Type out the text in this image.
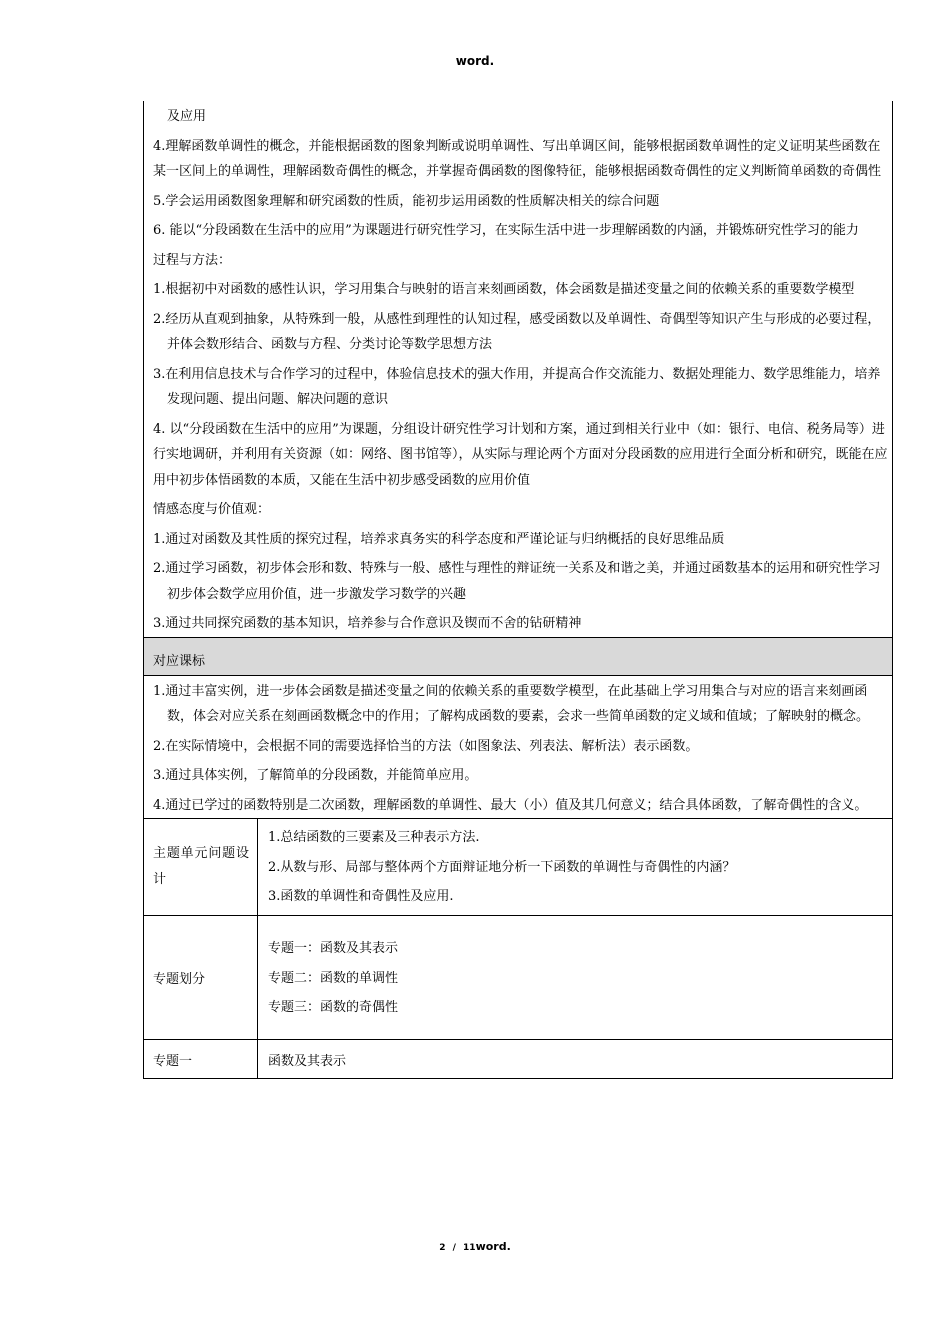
word.
及应用
4.理解函数单调性的概念，并能根据函数的图象判断或说明单调性、写出单调区间，能够根据函数单调性的定义证明某些函数在某一区间上的单调性，理解函数奇偶性的概念，并掌握奇偶函数的图像特征，能够根据函数奇偶性的定义判断简单函数的奇偶性
5.学会运用函数图象理解和研究函数的性质，能初步运用函数的性质解决相关的综合问题
6. 能以“分段函数在生活中的应用”为课题进行研究性学习，在实际生活中进一步理解函数的内涵，并锻炼研究性学习的能力
过程与方法：
1.根据初中对函数的感性认识，学习用集合与映射的语言来刻画函数，体会函数是描述变量之间的依赖关系的重要数学模型
2.经历从直观到抽象，从特殊到一般，从感性到理性的认知过程，感受函数以及单调性、奇偶型等知识产生与形成的必要过程，并体会数形结合、函数与方程、分类讨论等数学思想方法
3.在利用信息技术与合作学习的过程中，体验信息技术的强大作用，并提高合作交流能力、数据处理能力、数学思维能力，培养发现问题、提出问题、解决问题的意识
4. 以“分段函数在生活中的应用”为课题，分组设计研究性学习计划和方案，通过到相关行业中（如：银行、电信、税务局等）进行实地调研，并利用有关资源（如：网络、图书馆等），从实际与理论两个方面对分段函数的应用进行全面分析和研究，既能在应用中初步体悟函数的本质，又能在生活中初步感受函数的应用价值
情感态度与价值观：
1.通过对函数及其性质的探究过程，培养求真务实的科学态度和严谨论证与归纳概括的良好思维品质
2.通过学习函数，初步体会形和数、特殊与一般、感性与理性的辩证统一关系及和谐之美，并通过函数基本的运用和研究性学习初步体会数学应用价值，进一步激发学习数学的兴趣
3.通过共同探究函数的基本知识，培养参与合作意识及锲而不舍的钻研精神
对应课标
1.通过丰富实例，进一步体会函数是描述变量之间的依赖关系的重要数学模型，在此基础上学习用集合与对应的语言来刻画函数，体会对应关系在刻画函数概念中的作用；了解构成函数的要素，会求一些简单函数的定义域和值域；了解映射的概念。
2.在实际情境中，会根据不同的需要选择恰当的方法（如图象法、列表法、解析法）表示函数。
3.通过具体实例，了解简单的分段函数，并能简单应用。
4.通过已学过的函数特别是二次函数，理解函数的单调性、最大（小）值及其几何意义；结合具体函数，了解奇偶性的含义。
主题单元问题设计
1.总结函数的三要素及三种表示方法.
2.从数与形、局部与整体两个方面辩证地分析一下函数的单调性与奇偶性的内涵？
3.函数的单调性和奇偶性及应用.
专题划分
专题一：函数及其表示
专题二：函数的单调性
专题三：函数的奇偶性
专题一	函数及其表示
2 / 11word.
